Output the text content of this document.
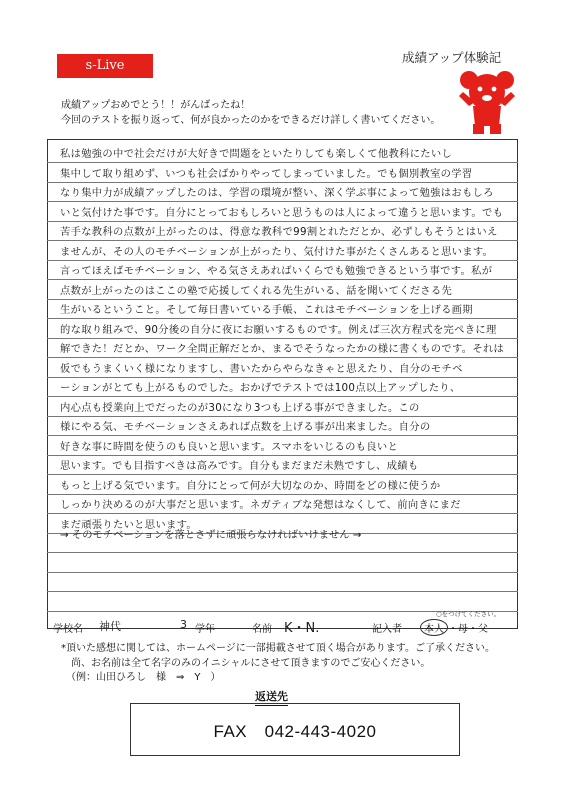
s-Live
成績アップ体験記
成績アップおめでとう！！がんばったね！
今回のテストを振り返って、何が良かったのかをできるだけ詳しく書いてください。

私は勉強の中で社会だけが大好きで問題をといたりしても楽しくて他教科にたいし

集中して取り組めず、いつも社会ばかりやってしまっていました。でも個別教室の学習

なり集中力が成績アップしたのは、学習の環境が整い、深く学ぶ事によって勉強はおもしろ

いと気付けた事です。自分にとっておもしろいと思うものは人によって違うと思います。でも

苦手な教科の点数が上がったのは、得意な教科で99割とれただとか、必ずしもそうとはいえ

ませんが、その人のモチベーションが上がったり、気付けた事がたくさんあると思います。

言ってほえばモチベーション、やる気さえあればいくらでも勉強できるという事です。私が

点数が上がったのはここの塾で応援してくれる先生がいる、話を聞いてくださる先

生がいるということ。そして毎日書いている手帳、これはモチベーションを上げる画期

的な取り組みで、90分後の自分に夜にお願いするものです。例えば三次方程式を完ぺきに理

解できた！だとか、ワーク全問正解だとか、まるでそうなったかの様に書くものです。それは

仮でもうまくいく様になりますし、書いたからやらなきゃと思えたり、自分のモチベ

ーションがとても上がるものでした。おかげでテストでは100点以上アップしたり、

内心点も授業向上でだったのが30になり3つも上げる事ができました。この

様にやる気、モチベーションさえあれば点数を上げる事が出来ました。自分の

好きな事に時間を使うのも良いと思います。スマホをいじるのも良いと

思います。でも目指すべきは高みです。自分もまだまだ未熟ですし、成績も

もっと上げる気でいます。自分にとって何が大切なのか、時間をどの様に使うか

しっかり決めるのが大事だと思います。ネガティブな発想はなくして、前向きにまだ

まだ頑張りたいと思います。

→ そのモチベーションを落とさずに頑張らなければいけません →
○をつけてください。
学校名 神代	3 学年	名前 K・N.	記入者	本人 ・母・父
*頂いた感想に関しては、ホームページに一部掲載させて頂く場合があります。ご了承ください。
　尚、お名前は全て名字のみのイニシャルにさせて頂きますのでご安心ください。
　（例：山田ひろし　様　⇒　Y　）
返送先
FAX　042-443-4020
